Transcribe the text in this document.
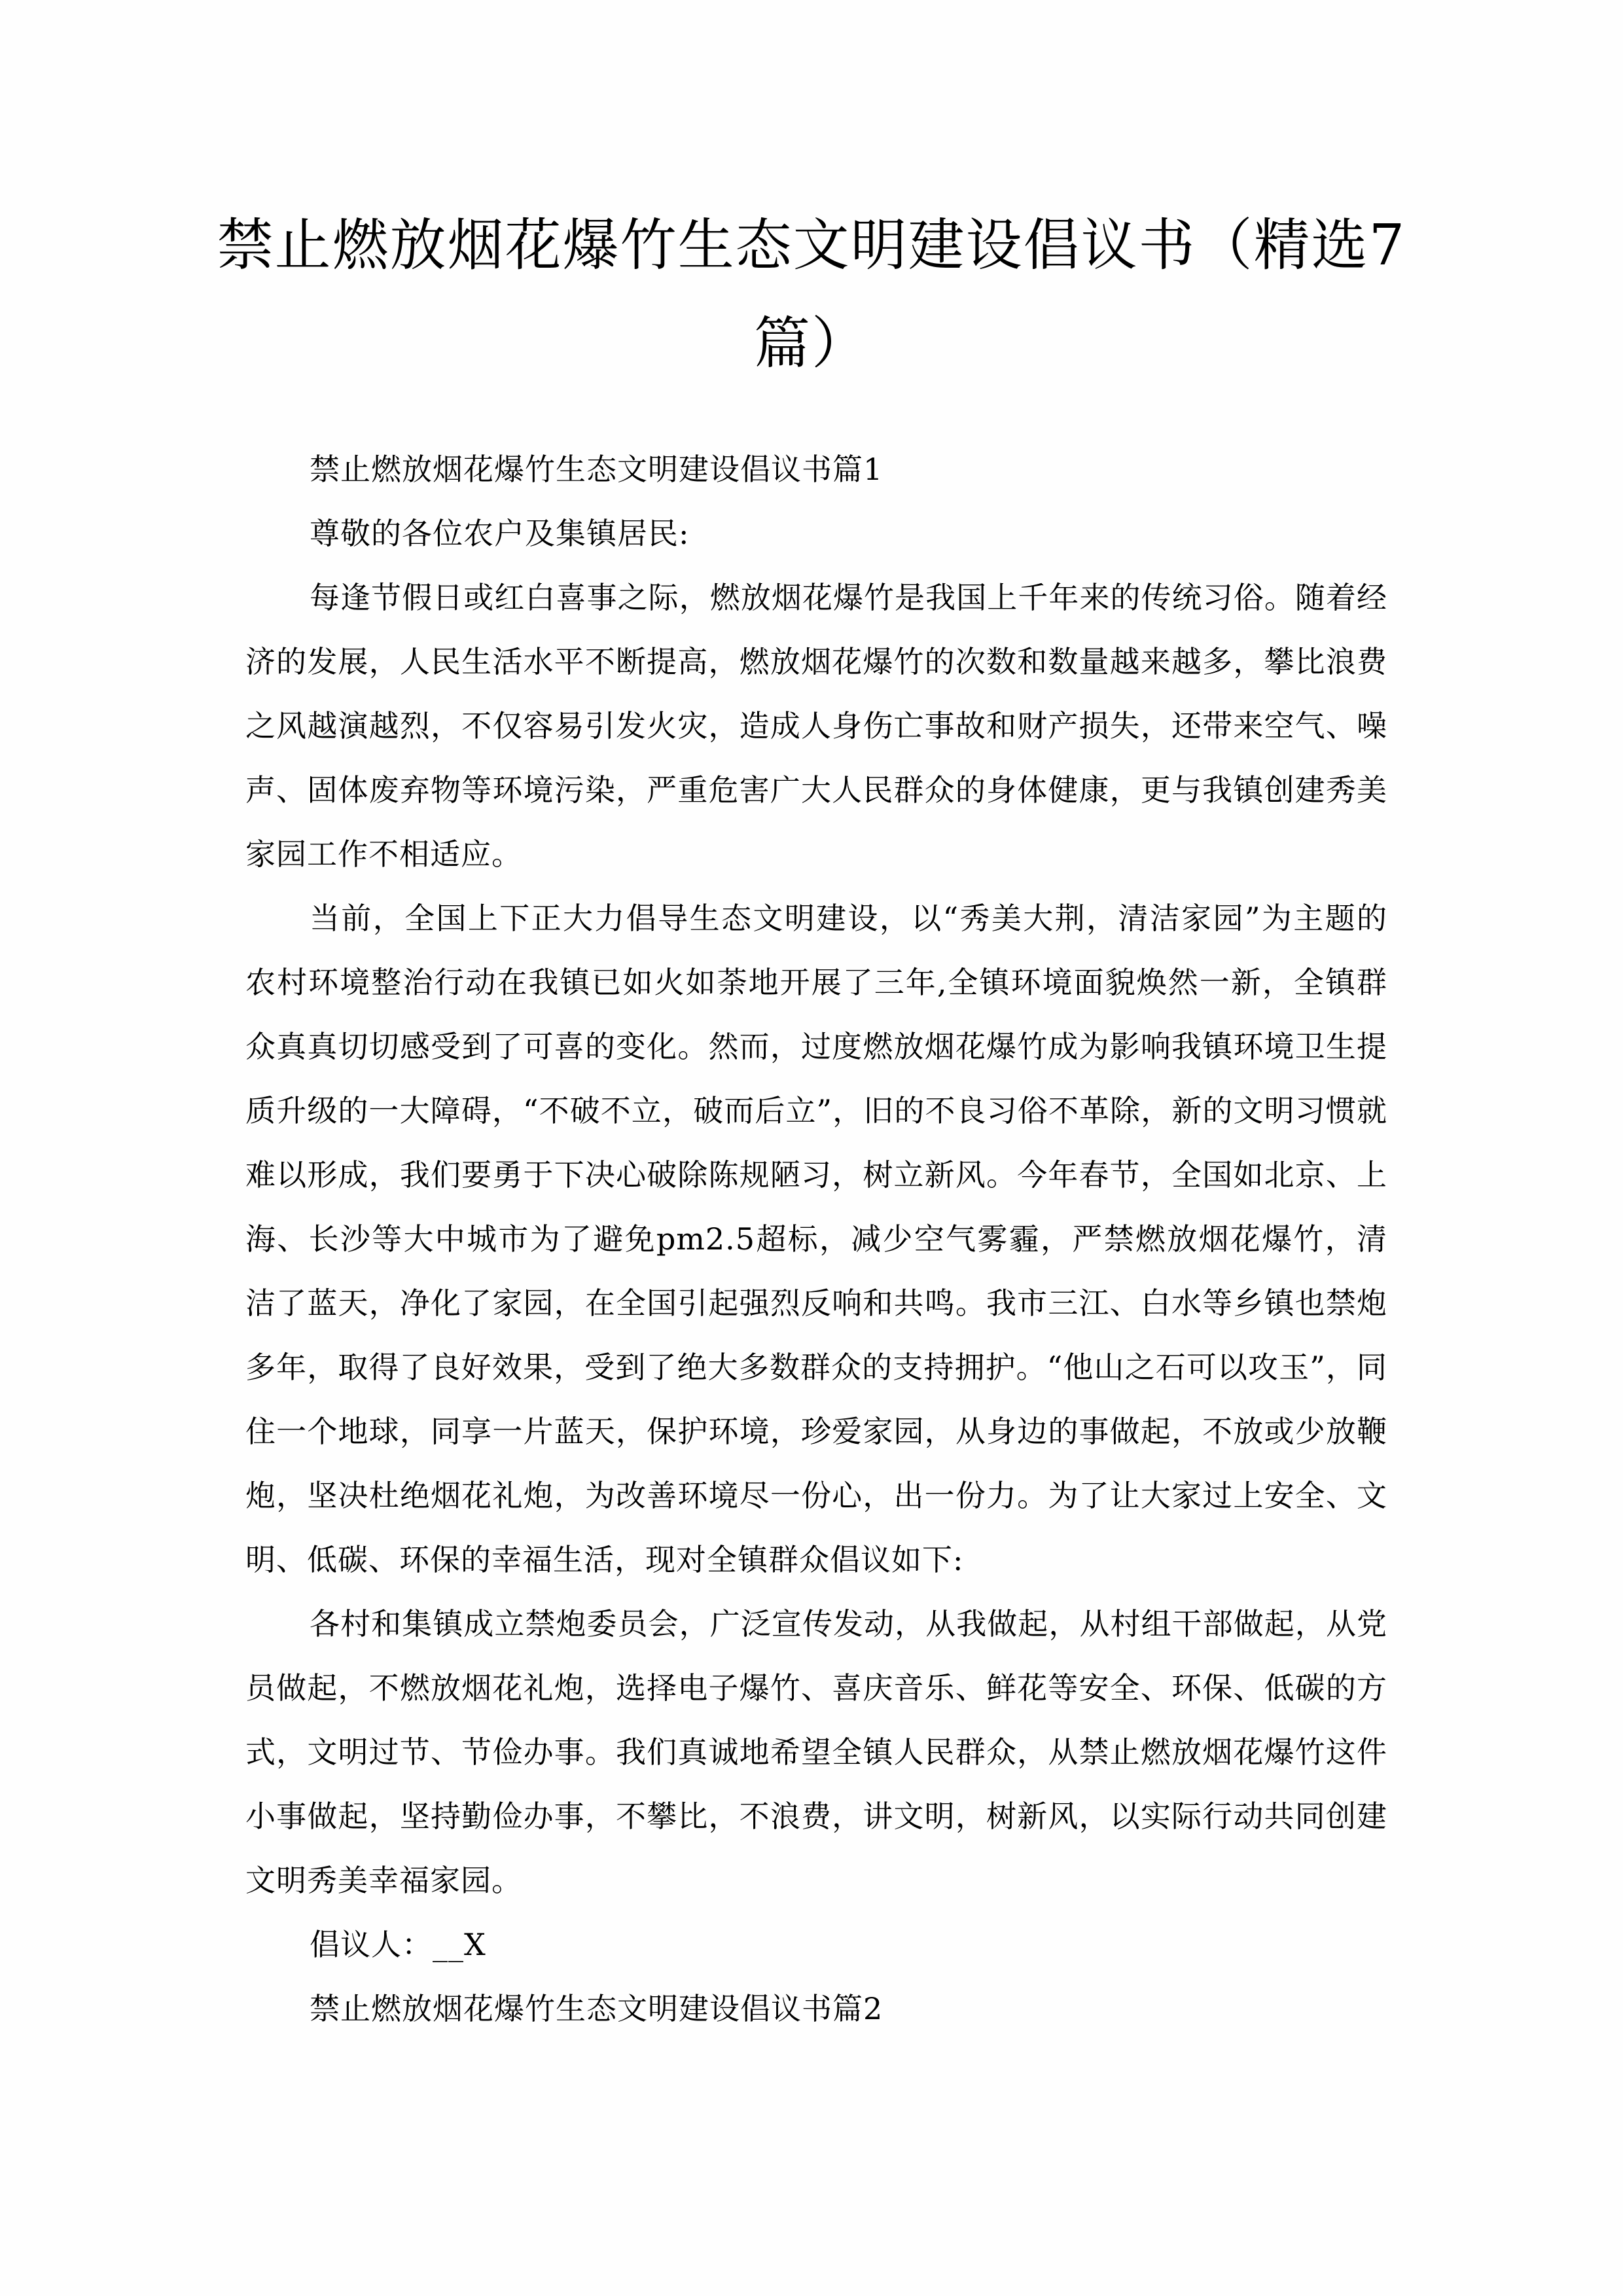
禁止燃放烟花爆竹生态文明建设倡议书（精选7篇）

禁止燃放烟花爆竹生态文明建设倡议书篇1

尊敬的各位农户及集镇居民:

每逢节假日或红白喜事之际，燃放烟花爆竹是我国上千年来的传统习俗。随着经济的发展，人民生活水平不断提高，燃放烟花爆竹的次数和数量越来越多，攀比浪费之风越演越烈，不仅容易引发火灾，造成人身伤亡事故和财产损失，还带来空气、噪声、固体废弃物等环境污染，严重危害广大人民群众的身体健康，更与我镇创建秀美家园工作不相适应。

当前，全国上下正大力倡导生态文明建设，以“秀美大荆，清洁家园”为主题的农村环境整治行动在我镇已如火如荼地开展了三年,全镇环境面貌焕然一新，全镇群众真真切切感受到了可喜的变化。然而，过度燃放烟花爆竹成为影响我镇环境卫生提质升级的一大障碍，“不破不立，破而后立”，旧的不良习俗不革除，新的文明习惯就难以形成，我们要勇于下决心破除陈规陋习，树立新风。今年春节，全国如北京、上海、长沙等大中城市为了避免pm2.5超标，减少空气雾霾，严禁燃放烟花爆竹，清洁了蓝天，净化了家园，在全国引起强烈反响和共鸣。我市三江、白水等乡镇也禁炮多年，取得了良好效果，受到了绝大多数群众的支持拥护。“他山之石可以攻玉”，同住一个地球，同享一片蓝天，保护环境，珍爱家园，从身边的事做起，不放或少放鞭炮，坚决杜绝烟花礼炮，为改善环境尽一份心，出一份力。为了让大家过上安全、文明、低碳、环保的幸福生活，现对全镇群众倡议如下:

各村和集镇成立禁炮委员会，广泛宣传发动，从我做起，从村组干部做起，从党员做起，不燃放烟花礼炮，选择电子爆竹、喜庆音乐、鲜花等安全、环保、低碳的方式，文明过节、节俭办事。我们真诚地希望全镇人民群众，从禁止燃放烟花爆竹这件小事做起，坚持勤俭办事，不攀比，不浪费，讲文明，树新风，以实际行动共同创建文明秀美幸福家园。

倡议人：__X

禁止燃放烟花爆竹生态文明建设倡议书篇2
